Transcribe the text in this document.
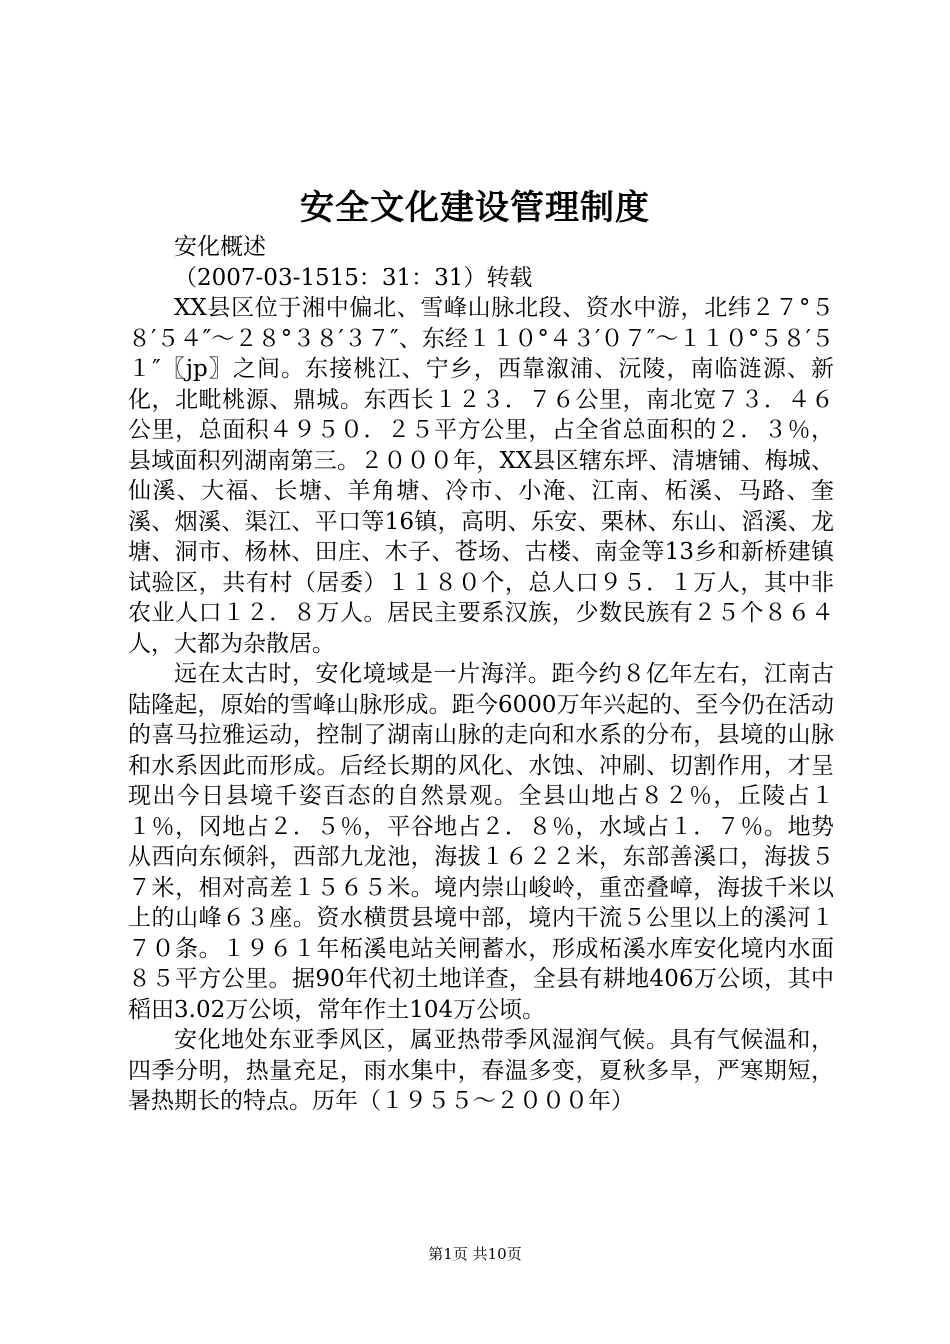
安全文化建设管理制度

安化概述

（2007-03-1515：31：31）转载

XX县区位于湘中偏北、雪峰山脉北段、资水中游，北纬２７°５８′５４″～２８°３８′３７″、东经１１０°４３′０７″～１１０°５８′５１″〖jp〗之间。东接桃江、宁乡，西靠溆浦、沅陵，南临涟源、新化，北毗桃源、鼎城。东西长１２３．７６公里，南北宽７３．４６公里，总面积４９５０．２５平方公里，占全省总面积的２．３％，县域面积列湖南第三。２０００年，XX县区辖东坪、清塘铺、梅城、仙溪、大福、长塘、羊角塘、冷市、小淹、江南、柘溪、马路、奎溪、烟溪、渠江、平口等16镇，高明、乐安、栗林、东山、滔溪、龙塘、洞市、杨林、田庄、木子、苍场、古楼、南金等13乡和新桥建镇试验区，共有村（居委）１１８０个，总人口９５．１万人，其中非农业人口１２．８万人。居民主要系汉族，少数民族有２５个８６４人，大都为杂散居。

远在太古时，安化境域是一片海洋。距今约８亿年左右，江南古陆隆起，原始的雪峰山脉形成。距今6000万年兴起的、至今仍在活动的喜马拉雅运动，控制了湖南山脉的走向和水系的分布，县境的山脉和水系因此而形成。后经长期的风化、水蚀、冲刷、切割作用，才呈现出今日县境千姿百态的自然景观。全县山地占８２％，丘陵占１１％，冈地占２．５％，平谷地占２．８％，水域占１．７％。地势从西向东倾斜，西部九龙池，海拔１６２２米，东部善溪口，海拔５７米，相对高差１５６５米。境内崇山峻岭，重峦叠嶂，海拔千米以上的山峰６３座。资水横贯县境中部，境内干流５公里以上的溪河１７０条。１９６１年柘溪电站关闸蓄水，形成柘溪水库安化境内水面８５平方公里。据90年代初土地详查，全县有耕地406万公顷，其中稻田3.02万公顷，常年作土104万公顷。

安化地处东亚季风区，属亚热带季风湿润气候。具有气候温和，四季分明，热量充足，雨水集中，春温多变，夏秋多旱，严寒期短，暑热期长的特点。历年（１９５５～２０００年）

第1页 共10页
